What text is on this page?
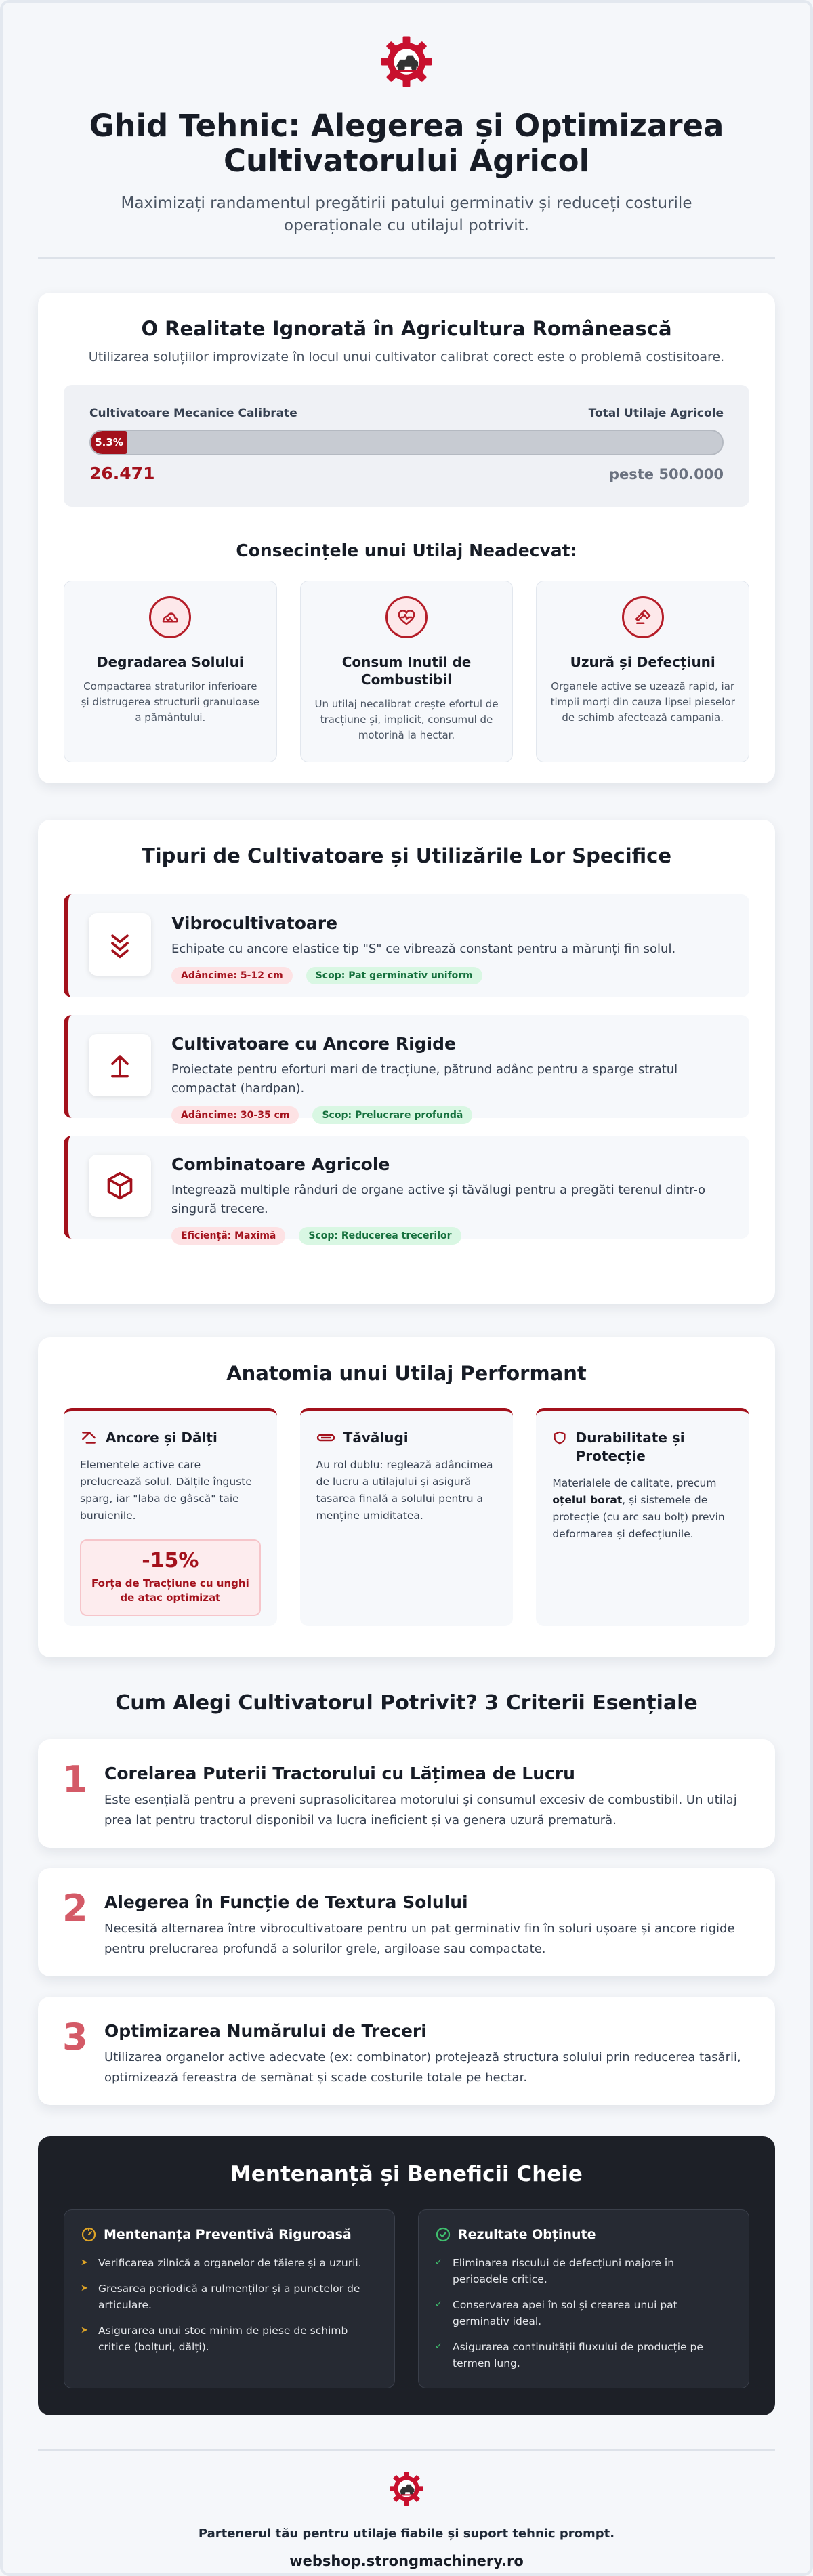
Ghid Tehnic: Alegerea și Optimizarea Cultivatorului Agricol

Maximizați randamentul pregătirii patului germinativ și reduceți costurile operaționale cu utilajul potrivit.

O Realitate Ignorată în Agricultura Românească

Utilizarea soluțiilor improvizate în locul unui cultivator calibrat corect este o problemă costisitoare.

Cultivatoare Mecanice Calibrate	Total Utilaje Agricole
5.3%
26.471	peste 500.000
Consecințele unui Utilaj Neadecvat:
Degradarea Solului

Compactarea straturilor inferioare și distrugerea structurii granuloase a pământului.

Consum Inutil de Combustibil

Un utilaj necalibrat crește efortul de tracțiune și, implicit, consumul de motorină la hectar.

Uzură și Defecțiuni

Organele active se uzează rapid, iar timpii morți din cauza lipsei pieselor de schimb afectează campania.

Tipuri de Cultivatoare și Utilizările Lor Specifice
Vibrocultivatoare

Echipate cu ancore elastice tip "S" ce vibrează constant pentru a mărunți fin solul.

Adâncime: 5-12 cm	Scop: Pat germinativ uniform
Cultivatoare cu Ancore Rigide

Proiectate pentru eforturi mari de tracțiune, pătrund adânc pentru a sparge stratul compactat (hardpan).

Adâncime: 30-35 cm	Scop: Prelucrare profundă
Combinatoare Agricole

Integrează multiple rânduri de organe active și tăvălugi pentru a pregăti terenul dintr-o singură trecere.

Eficiență: Maximă	Scop: Reducerea trecerilor
Anatomia unui Utilaj Performant
Ancore și Dălți

Elementele active care prelucrează solul. Dălțile înguste sparg, iar "laba de gâscă" taie buruienile.

-15%
Forța de Tracțiune cu unghi de atac optimizat
Tăvălugi

Au rol dublu: reglează adâncimea de lucru a utilajului și asigură tasarea finală a solului pentru a menține umiditatea.

Durabilitate și Protecție

Materialele de calitate, precum oțelul borat, și sistemele de protecție (cu arc sau bolț) previn deformarea și defecțiunile.

Cum Alegi Cultivatorul Potrivit? 3 Criterii Esențiale
1 Corelarea Puterii Tractorului cu Lățimea de Lucru

Este esențială pentru a preveni suprasolicitarea motorului și consumul excesiv de combustibil. Un utilaj prea lat pentru tractorul disponibil va lucra ineficient și va genera uzură prematură.

2 Alegerea în Funcție de Textura Solului

Necesită alternarea între vibrocultivatoare pentru un pat germinativ fin în soluri ușoare și ancore rigide pentru prelucrarea profundă a solurilor grele, argiloase sau compactate.

3 Optimizarea Numărului de Treceri

Utilizarea organelor active adecvate (ex: combinator) protejează structura solului prin reducerea tasării, optimizează fereastra de semănat și scade costurile totale pe hectar.

Mentenanță și Beneficii Cheie
Mentenanța Preventivă Riguroasă
➤ Verificarea zilnică a organelor de tăiere și a uzurii.
➤ Gresarea periodică a rulmenților și a punctelor de articulare.
➤ Asigurarea unui stoc minim de piese de schimb critice (bolțuri, dălți).
Rezultate Obținute
✓ Eliminarea riscului de defecțiuni majore în perioadele critice.
✓ Conservarea apei în sol și crearea unui pat germinativ ideal.
✓ Asigurarea continuității fluxului de producție pe termen lung.
Partenerul tău pentru utilaje fiabile și suport tehnic prompt.
webshop.strongmachinery.ro
